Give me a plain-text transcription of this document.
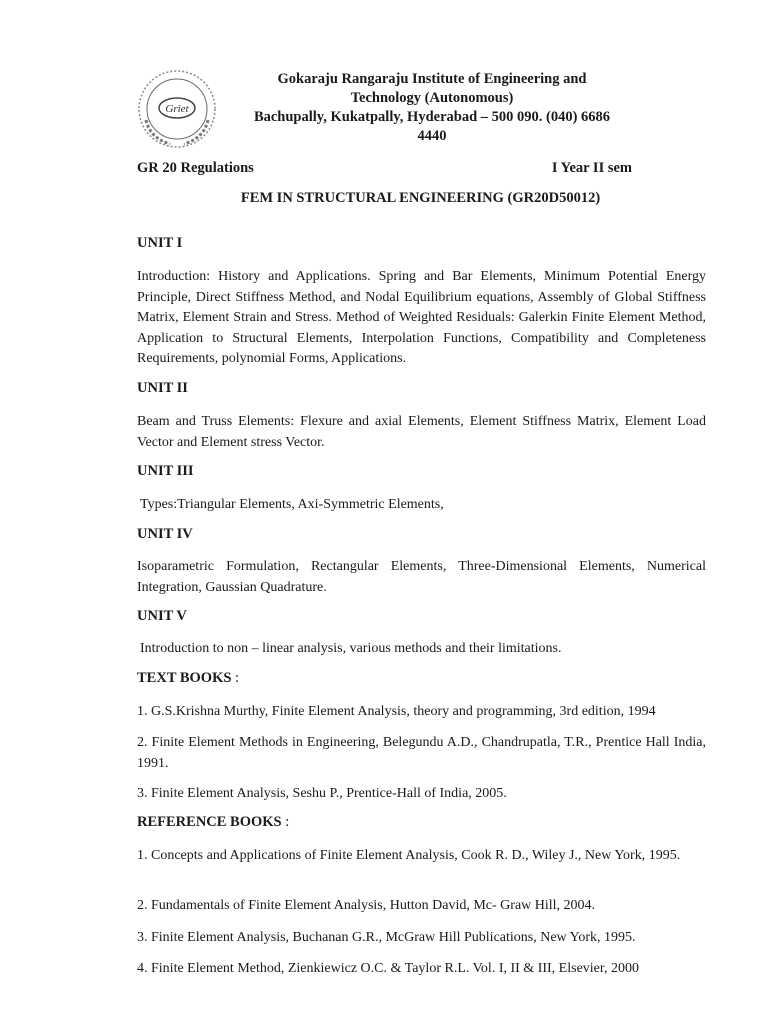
Griet
Gokaraju Rangaraju Institute of Engineering and
Technology (Autonomous)
Bachupally, Kukatpally, Hyderabad – 500 090. (040) 6686
4440
GR 20 Regulations	I Year II sem
FEM IN STRUCTURAL ENGINEERING (GR20D50012)
UNIT I
Introduction: History and Applications. Spring and Bar Elements, Minimum Potential Energy Principle, Direct Stiffness Method, and Nodal Equilibrium equations, Assembly of Global Stiffness Matrix, Element Strain and Stress. Method of Weighted Residuals: Galerkin Finite Element Method, Application to Structural Elements, Interpolation Functions, Compatibility and Completeness Requirements, polynomial Forms, Applications.
UNIT II
Beam and Truss Elements: Flexure and axial Elements, Element Stiffness Matrix, Element Load Vector and Element stress Vector.
UNIT III
Types:Triangular Elements, Axi-Symmetric Elements,
UNIT IV
Isoparametric Formulation, Rectangular Elements, Three-Dimensional Elements, Numerical Integration, Gaussian Quadrature.
UNIT V
Introduction to non – linear analysis, various methods and their limitations.
TEXT BOOKS :
1. G.S.Krishna Murthy, Finite Element Analysis, theory and programming, 3rd edition, 1994
2. Finite Element Methods in Engineering, Belegundu A.D., Chandrupatla, T.R., Prentice Hall India, 1991.
3. Finite Element Analysis, Seshu P., Prentice-Hall of India, 2005.
REFERENCE BOOKS :
1. Concepts and Applications of Finite Element Analysis, Cook R. D., Wiley J., New York, 1995.
2. Fundamentals of Finite Element Analysis, Hutton David, Mc- Graw Hill, 2004.
3. Finite Element Analysis, Buchanan G.R., McGraw Hill Publications, New York, 1995.
4. Finite Element Method, Zienkiewicz O.C. & Taylor R.L. Vol. I, II & III, Elsevier, 2000
